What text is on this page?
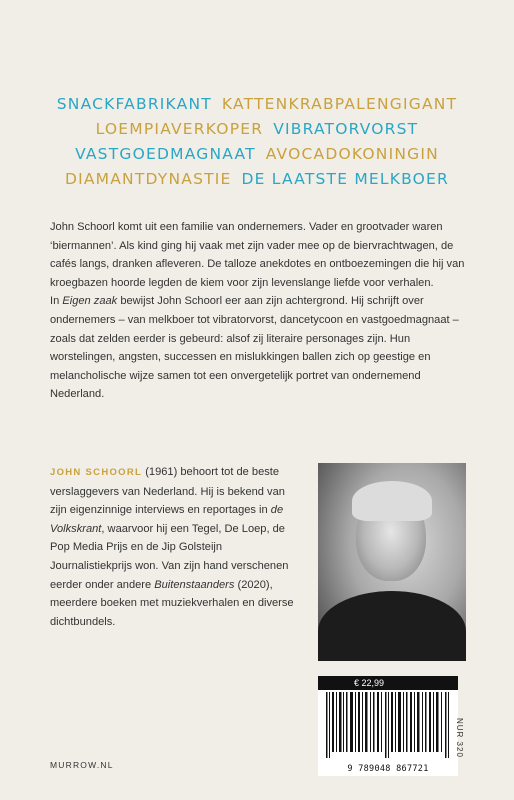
SNACKFABRIKANT KATTENKRABPALENGIGANT
LOEMPIAVERKOPER VIBRATORVORST
VASTGOEDMAGNAAT AVOCADOKONINGIN
DIAMANTDYNASTIE DE LAATSTE MELKBOER

John Schoorl komt uit een familie van ondernemers. Vader en grootvader waren ‘biermannen’. Als kind ging hij vaak met zijn vader mee op de biervrachtwagen, de cafés langs, dranken afleveren. De talloze anekdotes en ontboezemingen die hij van kroegbazen hoorde legden de kiem voor zijn levenslange liefde voor verhalen.

In Eigen zaak bewijst John Schoorl eer aan zijn achtergrond. Hij schrijft over ondernemers – van melkboer tot vibratorvorst, dancetycoon en vastgoedmagnaat – zoals dat zelden eerder is gebeurd: alsof zij literaire personages zijn. Hun worstelingen, angsten, successen en mislukkingen ballen zich op geestige en melancholische wijze samen tot een onvergetelijk portret van ondernemend Nederland.

JOHN SCHOORL (1961) behoort tot de beste verslaggevers van Nederland. Hij is bekend van zijn eigenzinnige interviews en reportages in de Volkskrant, waarvoor hij een Tegel, De Loep, de Pop Media Prijs en de Jip Golsteijn Journalistiekprijs won. Van zijn hand verschenen eerder onder andere Buitenstaanders (2020), meerdere boeken met muziekverhalen en diverse dichtbundels.

€ 22,99
9 789048 867721
NUR 320
MURROW.NL
